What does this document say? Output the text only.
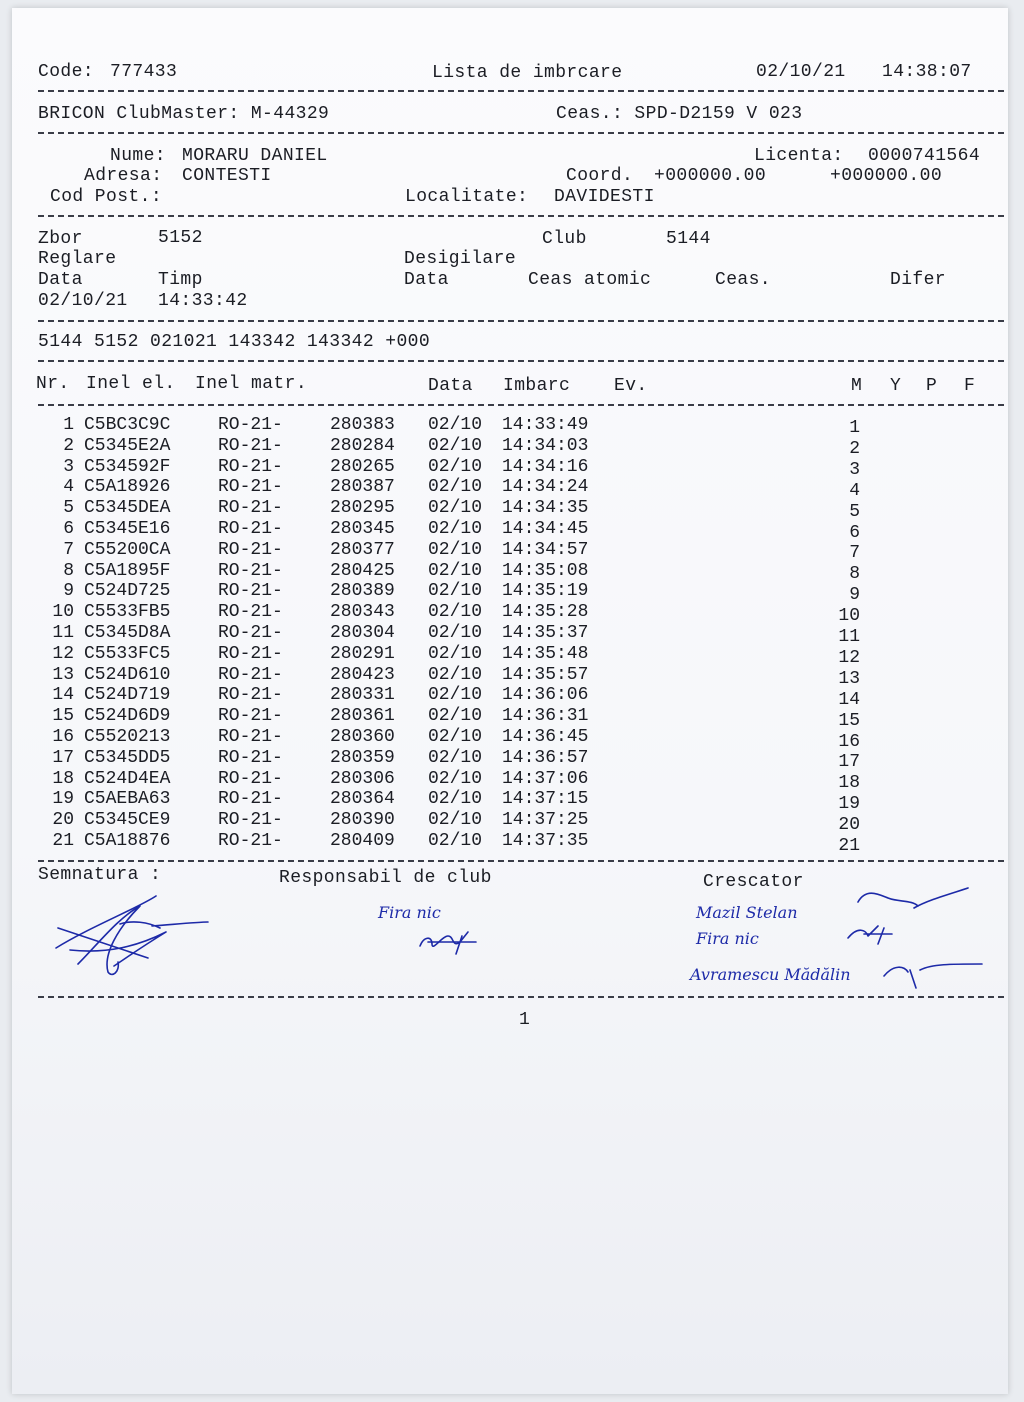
Code: 777433	Lista de imbrcare	02/10/21 14:38:07
BRICON ClubMaster: M-44329	Ceas.: SPD-D2159 V 023
Nume: MORARU DANIEL	Licenta: 0000741564
Adresa: CONTESTI	Coord. +000000.00	+000000.00
Cod Post.:	Localitate: DAVIDESTI
Zbor	5152	Club	5144
Reglare	Desigilare
Data	Timp	Data	Ceas atomic	Ceas.	Difer
02/10/21 14:33:42
5144 5152 021021 143342 143342 +000
Nr. Inel el. Inel matr.	Data Imbarc Ev.	M Y P F
1 C5BC3C9C	RO-21-	280383 02/10 14:33:49	1
2 C5345E2A	RO-21-	280284 02/10 14:34:03	2
3 C534592F	RO-21-	280265 02/10 14:34:16	3
4 C5A18926	RO-21-	280387 02/10 14:34:24	4
5 C5345DEA	RO-21-	280295 02/10 14:34:35	5
6 C5345E16	RO-21-	280345 02/10 14:34:45	6
7 C55200CA	RO-21-	280377 02/10 14:34:57	7
8 C5A1895F	RO-21-	280425 02/10 14:35:08	8
9 C524D725	RO-21-	280389 02/10 14:35:19	9
10 C5533FB5	RO-21-	280343 02/10 14:35:28	10
11 C5345D8A	RO-21-	280304 02/10 14:35:37	11
12 C5533FC5	RO-21-	280291 02/10 14:35:48	12
13 C524D610	RO-21-	280423 02/10 14:35:57	13
14 C524D719	RO-21-	280331 02/10 14:36:06	14
15 C524D6D9	RO-21-	280361 02/10 14:36:31	15
16 C5520213	RO-21-	280360 02/10 14:36:45	16
17 C5345DD5	RO-21-	280359 02/10 14:36:57	17
18 C524D4EA	RO-21-	280306 02/10 14:37:06	18
19 C5AEBA63	RO-21-	280364 02/10 14:37:15	19
20 C5345CE9	RO-21-	280390 02/10 14:37:25	20
21 C5A18876	RO-21-	280409 02/10 14:37:35	21
Semnatura :	Responsabil de club	Crescator
Fira nic	Mazil Stelan
Fira nic
Avramescu Mădălin
1
